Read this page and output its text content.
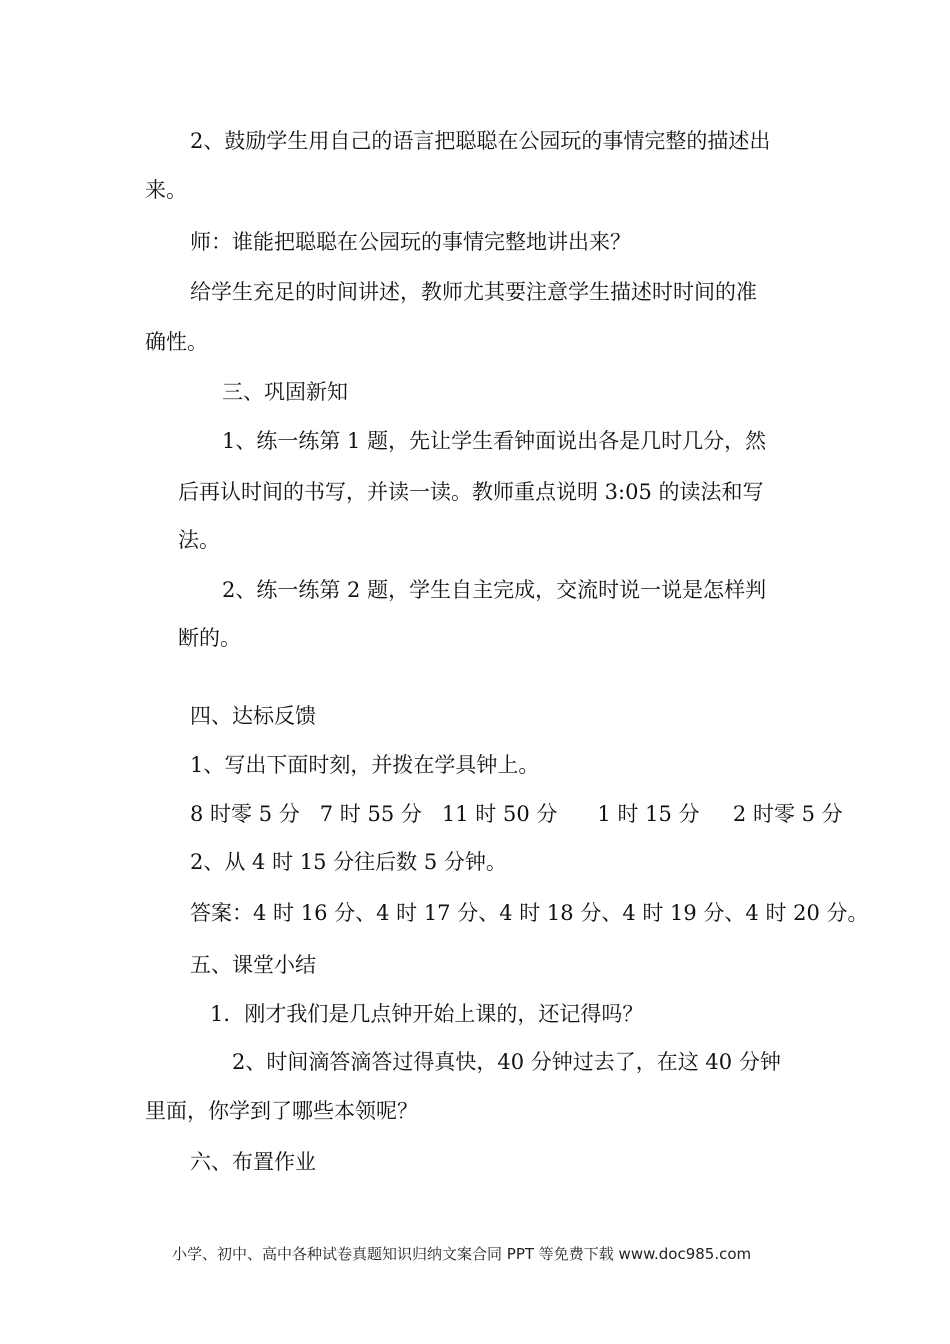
2、鼓励学生用自己的语言把聪聪在公园玩的事情完整的描述出
来。
师：谁能把聪聪在公园玩的事情完整地讲出来？
给学生充足的时间讲述，教师尤其要注意学生描述时时间的准
确性。
三、巩固新知
1、练一练第 1 题，先让学生看钟面说出各是几时几分，然
后再认时间的书写，并读一读。教师重点说明 3:05 的读法和写
法。
2、练一练第 2 题，学生自主完成，交流时说一说是怎样判
断的。
四、达标反馈
1、写出下面时刻，并拨在学具钟上。
8 时零 5 分   7 时 55 分   11 时 50 分      1 时 15 分     2 时零 5 分
2、从 4 时 15 分往后数 5 分钟。
答案：4 时 16 分、4 时 17 分、4 时 18 分、4 时 19 分、4 时 20 分。
五、课堂小结
1．刚才我们是几点钟开始上课的，还记得吗？
2、时间滴答滴答过得真快，40 分钟过去了，在这 40 分钟
里面，你学到了哪些本领呢？
六、布置作业
小学、初中、高中各种试卷真题知识归纳文案合同 PPT 等免费下载 www.doc985.com
